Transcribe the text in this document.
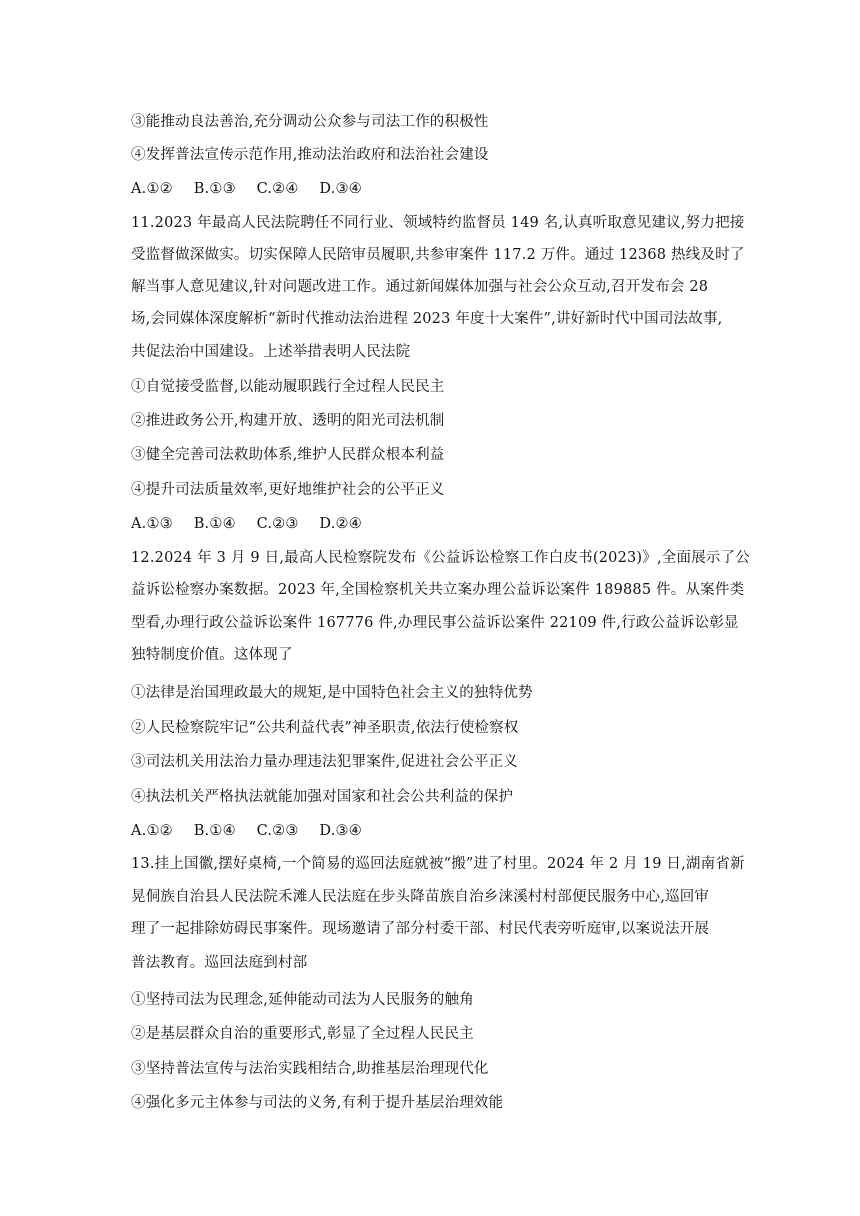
③能推动良法善治,充分调动公众参与司法工作的积极性
④发挥普法宣传示范作用,推动法治政府和法治社会建设
A.①② B.①③ C.②④ D.③④
11.2023 年最高人民法院聘任不同行业、领域特约监督员 149 名,认真听取意见建议,努力把接
受监督做深做实。切实保障人民陪审员履职,共参审案件 117.2 万件。通过 12368 热线及时了
解当事人意见建议,针对问题改进工作。通过新闻媒体加强与社会公众互动,召开发布会 28
场,会同媒体深度解析“新时代推动法治进程 2023 年度十大案件”,讲好新时代中国司法故事,
共促法治中国建设。上述举措表明人民法院
①自觉接受监督,以能动履职践行全过程人民民主
②推进政务公开,构建开放、透明的阳光司法机制
③健全完善司法救助体系,维护人民群众根本利益
④提升司法质量效率,更好地维护社会的公平正义
A.①③ B.①④ C.②③ D.②④
12.2024 年 3 月 9 日,最高人民检察院发布《公益诉讼检察工作白皮书(2023)》,全面展示了公
益诉讼检察办案数据。2023 年,全国检察机关共立案办理公益诉讼案件 189885 件。从案件类
型看,办理行政公益诉讼案件 167776 件,办理民事公益诉讼案件 22109 件,行政公益诉讼彰显
独特制度价值。这体现了
①法律是治国理政最大的规矩,是中国特色社会主义的独特优势
②人民检察院牢记“公共利益代表”神圣职责,依法行使检察权
③司法机关用法治力量办理违法犯罪案件,促进社会公平正义
④执法机关严格执法就能加强对国家和社会公共利益的保护
A.①② B.①④ C.②③ D.③④
13.挂上国徽,摆好桌椅,一个简易的巡回法庭就被“搬”进了村里。2024 年 2 月 19 日,湖南省新
晃侗族自治县人民法院禾滩人民法庭在步头降苗族自治乡涞溪村村部便民服务中心,巡回审
理了一起排除妨碍民事案件。现场邀请了部分村委干部、村民代表旁听庭审,以案说法开展
普法教育。巡回法庭到村部
①坚持司法为民理念,延伸能动司法为人民服务的触角
②是基层群众自治的重要形式,彰显了全过程人民民主
③坚持普法宣传与法治实践相结合,助推基层治理现代化
④强化多元主体参与司法的义务,有利于提升基层治理效能
